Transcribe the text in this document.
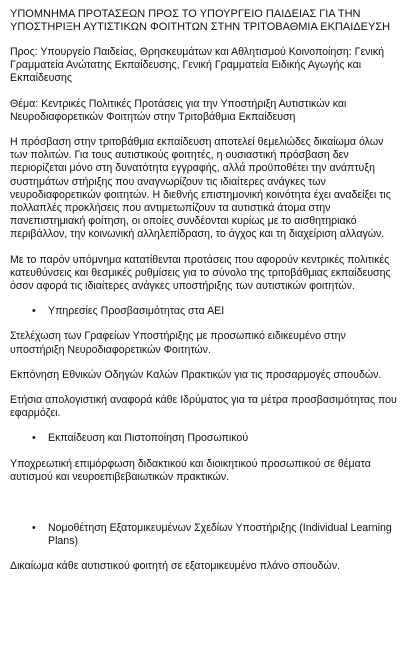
ΥΠΟΜΝΗΜΑ ΠΡΟΤΑΣΕΩΝ ΠΡΟΣ ΤΟ ΥΠΟΥΡΓΕΙΟ ΠΑΙΔΕΙΑΣ ΓΙΑ ΤΗΝ ΥΠΟΣΤΗΡΙΞΗ ΑΥΤΙΣΤΙΚΩΝ ΦΟΙΤΗΤΩΝ ΣΤΗΝ ΤΡΙΤΟΒΑΘΜΙΑ ΕΚΠΑΙΔΕΥΣΗ

Προς: Υπουργείο Παιδείας, Θρησκευμάτων και Αθλητισμού Κοινοποίηση: Γενική Γραμματεία Ανώτατης Εκπαίδευσης, Γενική Γραμματεία Ειδικής Αγωγής και Εκπαίδευσης

Θέμα: Κεντρικές Πολιτικές Προτάσεις για την Υποστήριξη Αυτιστικών και Νευροδιαφορετικών Φοιτητών στην Τριτοβάθμια Εκπαίδευση

Η πρόσβαση στην τριτοβάθμια εκπαίδευση αποτελεί θεμελιώδες δικαίωμα όλων των πολιτών. Για τους αυτιστικούς φοιτητές, η ουσιαστική πρόσβαση δεν περιορίζεται μόνο στη δυνατότητα εγγραφής, αλλά προϋποθέτει την ανάπτυξη συστημάτων στήριξης που αναγνωρίζουν τις ιδιαίτερες ανάγκες των νευροδιαφορετικών φοιτητών. Η διεθνής επιστημονική κοινότητα έχει αναδείξει τις πολλαπλές προκλήσεις που αντιμετωπίζουν τα αυτιστικά άτομα στην πανεπιστημιακή φοίτηση, οι οποίες συνδέονται κυρίως με το αισθητηριακό περιβάλλον, την κοινωνική αλληλεπίδραση, το άγχος και τη διαχείριση αλλαγών.

Με το παρόν υπόμνημα κατατίθενται προτάσεις που αφορούν κεντρικές πολιτικές κατευθύνσεις και θεσμικές ρυθμίσεις για το σύνολο της τριτοβάθμιας εκπαίδευσης όσον αφορά τις ιδιαίτερες ανάγκες υποστήριξης των αυτιστικών φοιτητών.

•	Υπηρεσίες Προσβασιμότητας στα ΑΕΙ

Στελέχωση των Γραφείων Υποστήριξης με προσωπικό ειδικευμένο στην υποστήριξη Νευροδιαφορετικών Φοιτητών.

Εκπόνηση Εθνικών Οδηγών Καλών Πρακτικών για τις προσαρμογές σπουδών.

Ετήσια απολογιστική αναφορά κάθε Ιδρύματος για τα μέτρα προσβασιμότητας που εφαρμόζει.

•	Εκπαίδευση και Πιστοποίηση Προσωπικού

Υποχρεωτική επιμόρφωση διδακτικού και διοικητικού προσωπικού σε θέματα αυτισμού και νευροεπιβεβαιωτικών πρακτικών.

•	Νομοθέτηση Εξατομικευμένων Σχεδίων Υποστήριξης (Individual Learning Plans)

Δικαίωμα κάθε αυτιστικού φοιτητή σε εξατομικευμένο πλάνο σπουδών.
